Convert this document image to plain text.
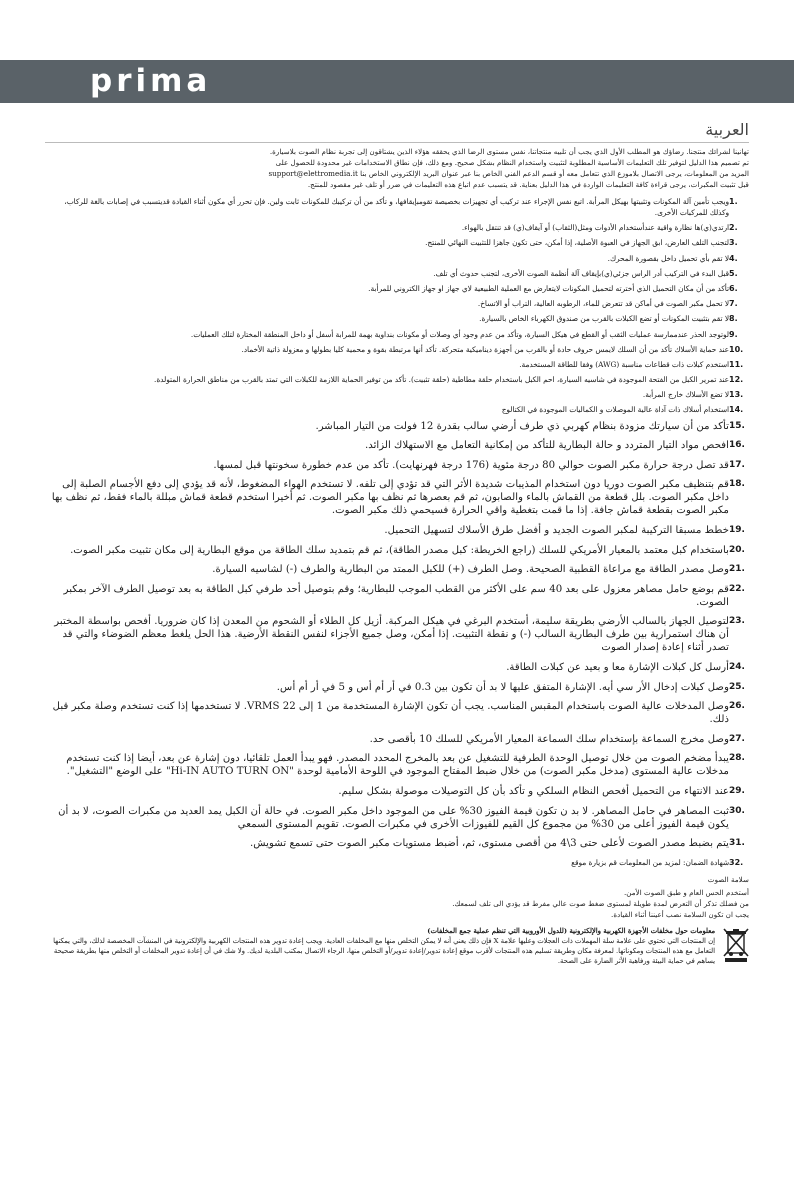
prima
العربية

تهانينا لشرائك منتجنا. رضاؤك هو المطلب الأول الذي يجب أن تلبيه منتجاتنا، نفس مستوى الرضا الذي يحققه هؤلاء الذين يشتاقون إلى تجربة نظام الصوت بلاسيارة.

تم تصميم هذا الدليل لتوفير تلك التعليمات الأساسية المطلوبة لتثبيت واستخدام النظام بشكل صحيح. ومع ذلك، فإن نطاق الاستخدامات غير محدودة للحصول على

المزيد من المعلومات، يرجى الاتصال بلاموزع الذي تتعامل معه أو قسم الدعم الفني الخاص بنا عبر عنوان البريد الإلكتروني الخاص بنا support@elettromedia.it

قبل تثبيت المكبرات، يرجى قراءة كافة التعليمات الواردة في هذا الدليل بعناية. قد يتسبب عدم اتباع هذه التعليمات في ضرر أو تلف غير مقصود للمنتج.

1.
ويجب تأمين آلة المكونات وتثبيتها بهيكل المرأبة. اتبع نفس الإجراء عند تركيب أي تجهيزات بخصيصة تقومبإيقافها، و تأكد من أن تركيبك للمكونات ثابت ولين. فإن تحرر أي مكون أثناء القيادة قديتسبب في إصابات بالغة للركاب، وكذلك للمركبات الأخرى.
2.
ارتدي(ي)ها نظارة واقية عندأستخدام الأدوات ومثل(الثقاب) أو آيقاف(ي) قد تنتقل بالهواء.
3.
لتجنب التلف العارض، ابق الجهاز في العبوة الأصلية، إذا أمكن، حتى تكون جاهزا للتثبيت النهائي للمنتج.
4.
لا تقم بأي تحميل داخل بقصورة المحرك.
5.
قبل البدء في التركيب أدر الراس جزئي(ي)بإيقاف آلة أنظمة الصوت الأخرى، لتجنب حدوث أي تلف.
6.
تأكد من أن مكان التحميل الذي أخترته لتحميل المكونات لايتعارض مع العملية الطبيعية لاي جهاز او جهاز الكتروني للمرأبة.
7.
لا تحمل مكبر الصوت في أماكن قد تتعرض للماء، الرطوبه العالية، التراب أو الاتساخ.
8.
لا تقم بتثبيت المكونات أو تضع الكبلات بالقرب من صندوق الكهرباء الخاص بالسيارة.
9.
لوتوجد الحذر عندممارسة عمليات الثقب أو القطع في هيكل السيارة، وتأكد من عدم وجود أي وصلات أو مكونات بنداوية بهمة للمرابة أسفل أو داخل المنطقة المختارة لتلك العمليات.
10.
عند حماية الأسلاك تأكد من أن السلك لايمس حروف حادة أو بالقرب من أجهزة ديناميكية متحركة. تأكد أنها مرتبطة بقوة و محمية كليا بطولها و معزولة ذاتية الأخماد.
11.
استخدم كبلات ذات قطاعات مناسبة (AWG) وفقا للطاقة المستخدمة.
12.
عند تمرير الكبل من الفتحة الموجودة في شاسيه السيارة، احم الكبل باستخدام حلقة مطاطية (حلقة تثبيت). تأكد من توفير الحماية اللازمة للكبلات التي تمتد بالقرب من مناطق الحرارة المتولدة.
13.
لا تضع الأسلاك خارج المرأبة.
14.
استخدام أسلاك ذات آداة عالية الموصلات و الكماليات الموجودة في الكتالوج
15.
تأكد من أن سيارتك مزودة بنظام كهربي ذي طرف أرضي سالب بقدرة 12 فولت من التيار المباشر.
16.
افحص مواد التيار المتردد و حالة البطارية للتأكد من إمكانية التعامل مع الاستهلاك الزائد.
17.
قد تصل درجة حرارة مكبر الصوت حوالي 80 درجة مئوية (176 درجة فهرنهايت). تأكد من عدم خطورة سخونتها قبل لمسها.
18.
قم بتنظيف مكبر الصوت دوريا دون استخدام المذيبات شديدة الأثر التي قد تؤدي إلى تلفه. لا تستخدم الهواء المضغوط، لأنه قد يؤدي إلى دفع الأجسام الصلبة إلى داخل مكبر الصوت. بلل قطعة من القماش بالماء والصابون، ثم قم بعصرها ثم نظف بها مكبر الصوت. ثم أخيرا استخدم قطعة قماش مبللة بالماء فقط، ثم نظف بها مكبر الصوت بقطعة قماش جافة. إذا ما قمت بتغطية واقي الحرارة فسيحمي ذلك مكبر الصوت.
19.
خطط مسبقا التركيبة لمكبر الصوت الجديد و أفضل طرق الأسلاك لتسهيل التحميل.
20.
باستخدام كبل معتمد بالمعيار الأمريكي للسلك (راجع الخريطة: كبل مصدر الطاقة)، ثم قم بتمديد سلك الطاقة من موقع البطارية إلى مكان تثبيت مكبر الصوت.
21.
وصل مصدر الطاقة مع مراعاة القطبية الصحيحة. وصل الطرف (+) للكبل الممتد من البطارية والطرف (-) لشاسيه السيارة.
22.
قم بوضع حامل مصاهر معزول على بعد 40 سم على الأكثر من القطب الموجب للبطارية؛ وقم بتوصيل أحد طرفي كبل الطاقة به بعد توصيل الطرف الآخر بمكبر الصوت.
23.
لتوصيل الجهاز بالسالب الأرضي بطريقة سليمة، أستخدم البرغي في هيكل المركبة. أزيل كل الطلاء أو الشحوم من المعدن إذا كان ضروريا. أفحص بواسطة المختبر أن هناك استمرارية بين طرف البطارية السالب (-) و نقطة التثبيت. إذا أمكن، وصل جميع الأجزاء لنفس النقطة الأرضية. هذا الحل يلغط معظم الضوضاء والتي قد تصدر أثناء إعادة إصدار الصوت
24.
أرسل كل كبلات الإشارة معا و بعيد عن كبلات الطاقة.
25.
وصل كبلات إدخال الأر سي أيه. الإشارة المتفق عليها لا بد أن تكون بين 0.3 في أر أم أس و 5 في أر أم أس.
26.
وصل المدخلات عالية الصوت باستخدام المقبس المناسب. يجب أن تكون الإشارة المستخدمة من 1 إلى 22 VRMS. لا تستخدمها إذا كنت تستخدم وصلة مكبر قبل ذلك.
27.
وصل مخرج السماعة بإستخدام سلك السماعة المعيار الأمريكي للسلك 10 بأقصى حد.
28.
يبدأ مضخم الصوت من خلال توصيل الوحدة الطرفية للتشغيل عن بعد بالمخرج المحدد المصدر. فهو يبدأ العمل تلقائيا، دون إشارة عن بعد، أيضا إذا كنت تستخدم مدخلات عالية المستوى (مدخل مكبر الصوت) من خلال ضبط المفتاح الموجود في اللوحة الأمامية لوحدة "Hi-IN AUTO TURN ON" على الوضع "التشغيل".
29.
عند الانتهاء من التحميل أفحص النظام السلكي و تأكد بأن كل التوصيلات موصولة بشكل سليم.
30.
ثبت المصاهر في حامل المصاهر. لا بد ن تكون قيمة الفيوز 30% على من الموجود داخل مكبر الصوت. في حالة أن الكبل يمد العديد من مكبرات الصوت، لا بد أن يكون قيمة الفيوز أعلى من 30% من مجموع كل القيم للفيوزات الأخرى في مكبرات الصوت. تقويم المستوى السمعي
31.
يتم بضبط مصدر الصوت لأعلى حتى 3\4 من أقصى مستوى، ثم، أضبط مستويات مكبر الصوت حتى تسمع تشويش.
32.
شهادة الضمان: لمزيد من المعلومات قم بزيارة موقع

سلامة الصوت

أستخدم الحس العام و طبق الصوت الأمن.

من فضلك تذكر أن التعرض لمدة طويلة لمستوى ضغط صوت عالي مفرط قد يؤدي الى تلف لسمعك.

يجب ان تكون السلامة نصب أعيننا أثناء القيادة.

معلومات حول مخلفات الأجهزة الكهربية والإلكترونية (للدول الأوروبية التي تنظم عملية جمع المخلفات)

إن المنتجات التي تحتوي على علامة سلة المهملات ذات العجلات وعليها علامة X فإن ذلك يعني أنه لا يمكن التخلص منها مع المخلفات العادية. ويجب إعادة تدوير هذه المنتجات الكهربية والإلكترونية في المنشآت المخصصة لذلك، والتي يمكنها التعامل مع هذه المنتجات ومكوناتها. لمعرفة مكان وطريقة تسليم هذه المنتجات لأقرب موقع إعادة تدوير/إعادة تدوير/أو التخلص منها، الرجاء الاتصال بمكتب البلدية لديك. ولا شك في أن إعادة تدوير المخلفات أو التخلص منها بطريقة صحيحة يساهم في حماية البيئة ورفاهية الأثر الضارة على الصحة.
